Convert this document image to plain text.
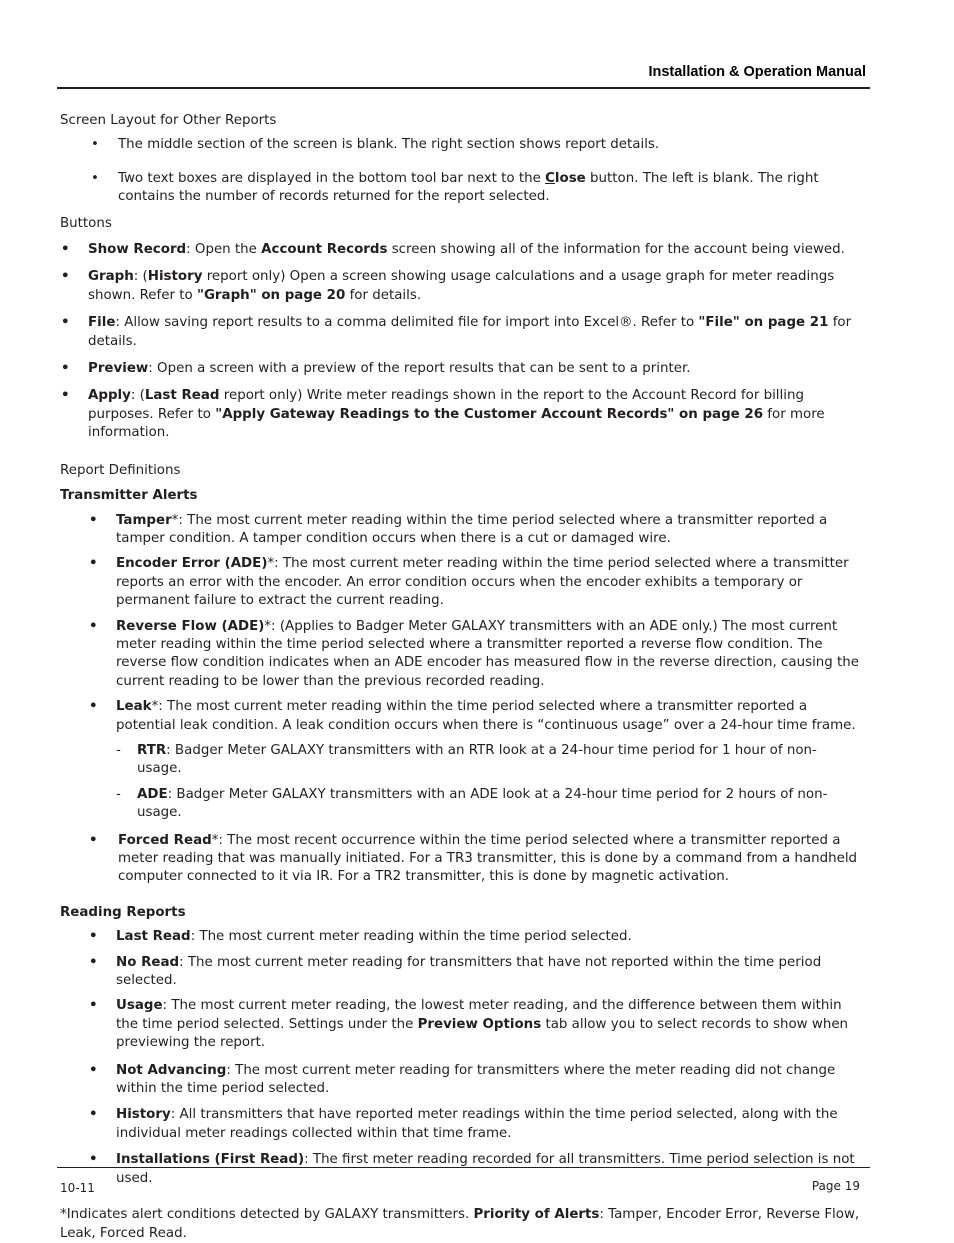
Installation & Operation Manual

Screen Layout for Other Reports

• The middle section of the screen is blank. The right section shows report details.
• Two text boxes are displayed in the bottom tool bar next to the Close button. The left is blank. The right contains the number of records returned for the report selected.

Buttons

• Show Record: Open the Account Records screen showing all of the information for the account being viewed.
• Graph: (History report only) Open a screen showing usage calculations and a usage graph for meter readings shown. Refer to "Graph" on page 20 for details.
• File: Allow saving report results to a comma delimited file for import into Excel®. Refer to "File" on page 21 for details.
• Preview: Open a screen with a preview of the report results that can be sent to a printer.
• Apply: (Last Read report only) Write meter readings shown in the report to the Account Record for billing purposes. Refer to "Apply Gateway Readings to the Customer Account Records" on page 26 for more information.

Report Definitions

Transmitter Alerts

• Tamper*: The most current meter reading within the time period selected where a transmitter reported a tamper condition. A tamper condition occurs when there is a cut or damaged wire.
• Encoder Error (ADE)*: The most current meter reading within the time period selected where a transmitter reports an error with the encoder. An error condition occurs when the encoder exhibits a temporary or permanent failure to extract the current reading.
• Reverse Flow (ADE)*: (Applies to Badger Meter GALAXY transmitters with an ADE only.) The most current meter reading within the time period selected where a transmitter reported a reverse flow condition. The reverse flow condition indicates when an ADE encoder has measured flow in the reverse direction, causing the current reading to be lower than the previous recorded reading.
• Leak*: The most current meter reading within the time period selected where a transmitter reported a potential leak condition. A leak condition occurs when there is “continuous usage” over a 24-hour time frame.
- RTR: Badger Meter GALAXY transmitters with an RTR look at a 24-hour time period for 1 hour of non-usage.
- ADE: Badger Meter GALAXY transmitters with an ADE look at a 24-hour time period for 2 hours of non-usage.
• Forced Read*: The most recent occurrence within the time period selected where a transmitter reported a meter reading that was manually initiated. For a TR3 transmitter, this is done by a command from a handheld computer connected to it via IR. For a TR2 transmitter, this is done by magnetic activation.

Reading Reports

• Last Read: The most current meter reading within the time period selected.
• No Read: The most current meter reading for transmitters that have not reported within the time period selected.
• Usage: The most current meter reading, the lowest meter reading, and the difference between them within the time period selected. Settings under the Preview Options tab allow you to select records to show when previewing the report.
• Not Advancing: The most current meter reading for transmitters where the meter reading did not change within the time period selected.
• History: All transmitters that have reported meter readings within the time period selected, along with the individual meter readings collected within that time frame.
• Installations (First Read): The first meter reading recorded for all transmitters. Time period selection is not used.

*Indicates alert conditions detected by GALAXY transmitters. Priority of Alerts: Tamper, Encoder Error, Reverse Flow, Leak, Forced Read.

10-11	Page 19
